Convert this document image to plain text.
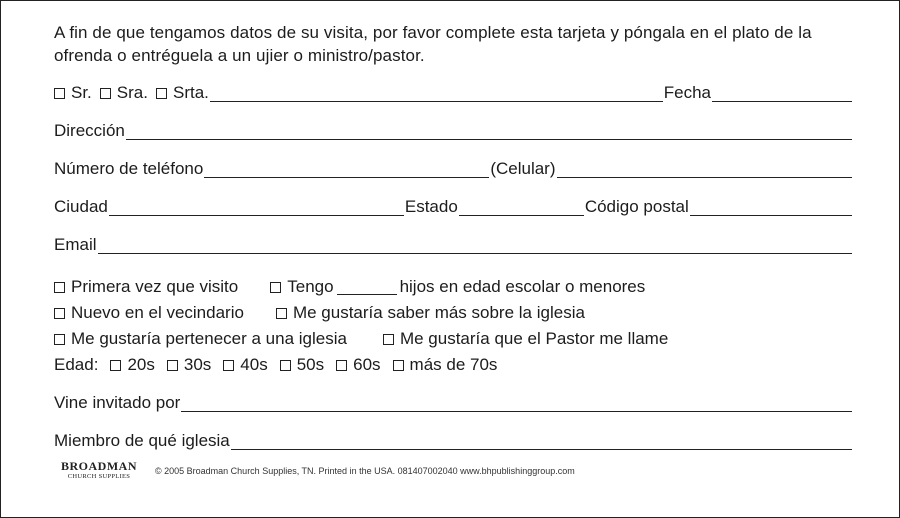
A fin de que tengamos datos de su visita, por favor complete esta tarjeta y póngala en el plato de la ofrenda o entréguela a un ujier o ministro/pastor.
Sr. Sra. Srta.	Fecha
Dirección
Número de teléfono	(Celular)
Ciudad	Estado	Código postal
Email
Primera vez que visito	Tengo	hijos en edad escolar o menores
Nuevo en el vecindario	Me gustaría saber más sobre la iglesia
Me gustaría pertenecer a una iglesia	Me gustaría que el Pastor me llame
Edad: 20s 30s 40s 50s 60s más de 70s
Vine invitado por
Miembro de qué iglesia
BROADMAN
CHURCH SUPPLIES
© 2005 Broadman Church Supplies, TN. Printed in the USA. 081407002040 www.bhpublishinggroup.com
